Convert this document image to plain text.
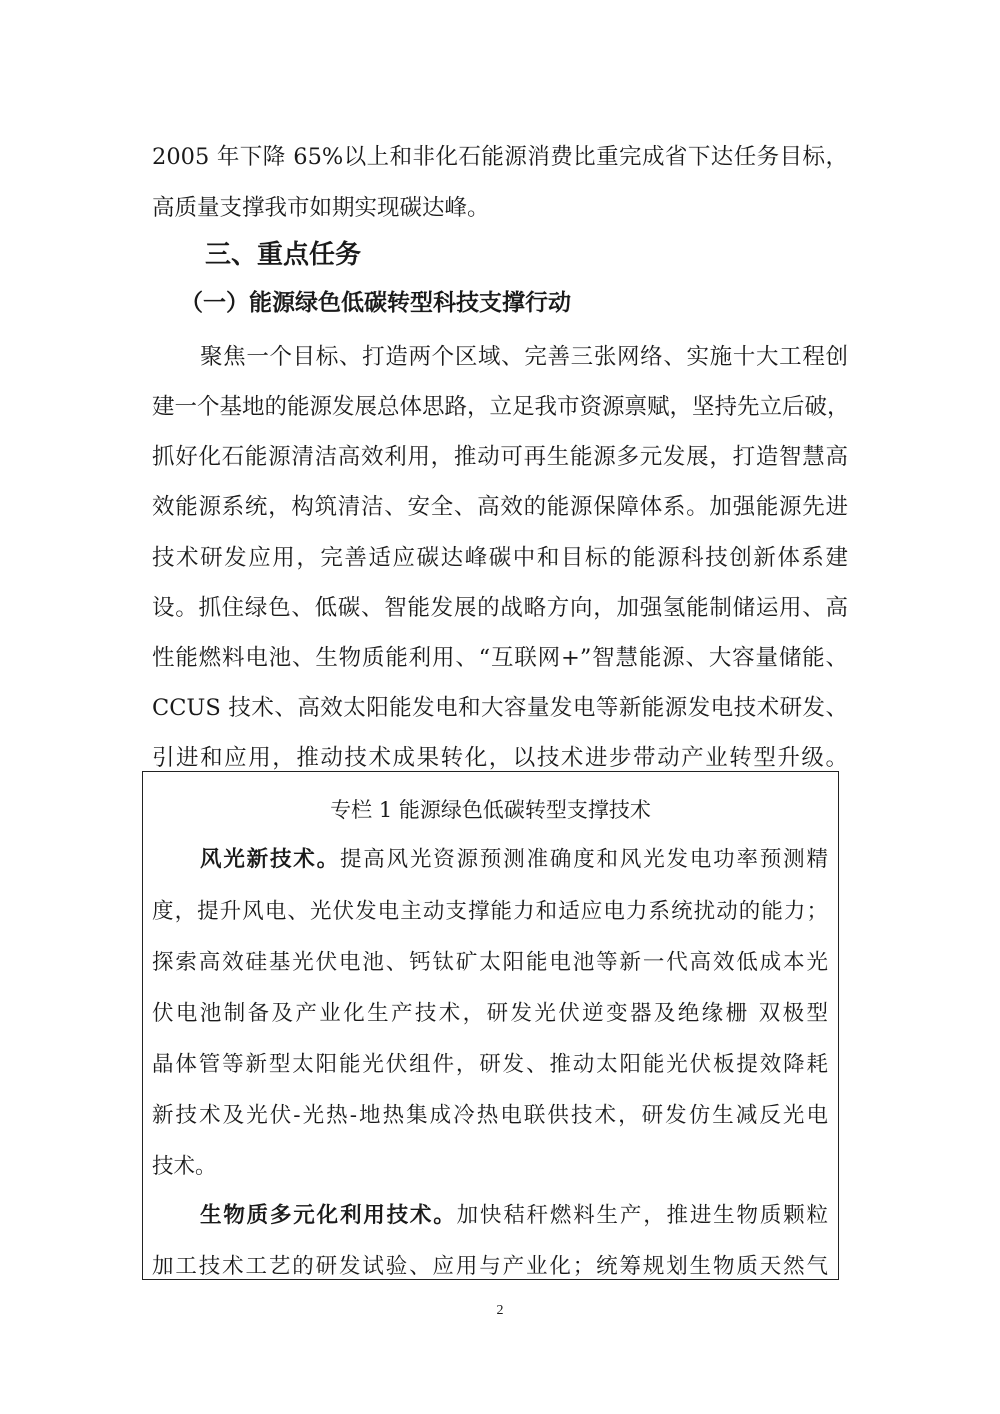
2005 年下降 65%以上和非化石能源消费比重完成省下达任务目标，
高质量支撑我市如期实现碳达峰。
三、重点任务
（一）能源绿色低碳转型科技支撑行动
聚焦一个目标、打造两个区域、完善三张网络、实施十大工程创
建一个基地的能源发展总体思路，立足我市资源禀赋，坚持先立后破，
抓好化石能源清洁高效利用，推动可再生能源多元发展，打造智慧高
效能源系统，构筑清洁、安全、高效的能源保障体系。加强能源先进
技术研发应用，完善适应碳达峰碳中和目标的能源科技创新体系建
设。抓住绿色、低碳、智能发展的战略方向，加强氢能制储运用、高
性能燃料电池、生物质能利用、“互联网+”智慧能源、大容量储能、
CCUS 技术、高效太阳能发电和大容量发电等新能源发电技术研发、
引进和应用，推动技术成果转化，以技术进步带动产业转型升级。
专栏 1 能源绿色低碳转型支撑技术
风光新技术。提高风光资源预测准确度和风光发电功率预测精
度，提升风电、光伏发电主动支撑能力和适应电力系统扰动的能力；
探索高效硅基光伏电池、钙钛矿太阳能电池等新一代高效低成本光
伏电池制备及产业化生产技术，研发光伏逆变器及绝缘栅 双极型
晶体管等新型太阳能光伏组件，研发、推动太阳能光伏板提效降耗
新技术及光伏-光热-地热集成冷热电联供技术，研发仿生减反光电
技术。
生物质多元化利用技术。加快秸秆燃料生产，推进生物质颗粒
加工技术工艺的研发试验、应用与产业化；统筹规划生物质天然气
2
